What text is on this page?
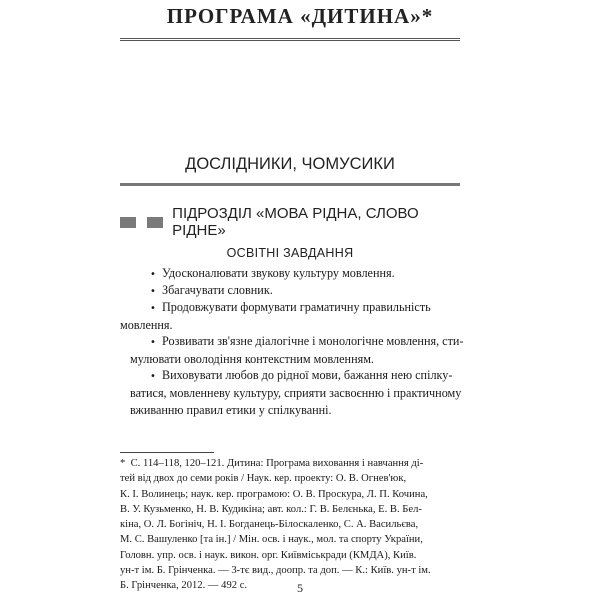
ПРОГРАМА «ДИТИНА»*
ДОСЛІДНИКИ, ЧОМУСИКИ
ПІДРОЗДІЛ «МОВА РІДНА, СЛОВО РІДНЕ»
ОСВІТНІ ЗАВДАННЯ
• Удосконалювати звукову культуру мовлення.
• Збагачувати словник.
• Продовжувати формувати граматичну правильність
мовлення.
• Розвивати зв'язне діалогічне і монологічне мовлення, сти-
мулювати оволодіння контекстним мовленням.
• Виховувати любов до рідної мови, бажання нею спілку-
ватися, мовленневу культуру, сприяти засвоєнню і практичному
вживанню правил етики у спілкуванні.
* С. 114–118, 120–121. Дитина: Програма виховання і навчання ді-
тей від двох до семи років / Наук. кер. проекту: О. В. Огнев'юк,
К. І. Волинець; наук. кер. програмою: О. В. Проскура, Л. П. Кочина,
В. У. Кузьменко, Н. В. Кудикіна; авт. кол.: Г. В. Белєнька, Е. В. Бел-
кіна, О. Л. Богініч, Н. І. Богданець-Білоскаленко, С. А. Васильєва,
М. С. Вашуленко [та ін.] / Мін. осв. і наук., мол. та спорту України,
Головн. упр. осв. і наук. викон. орг. Київміськради (КМДА), Київ.
ун-т ім. Б. Грінченка. — 3-тє вид., доопр. та доп. — К.: Київ. ун-т ім.
Б. Грінченка, 2012. — 492 с.	5
